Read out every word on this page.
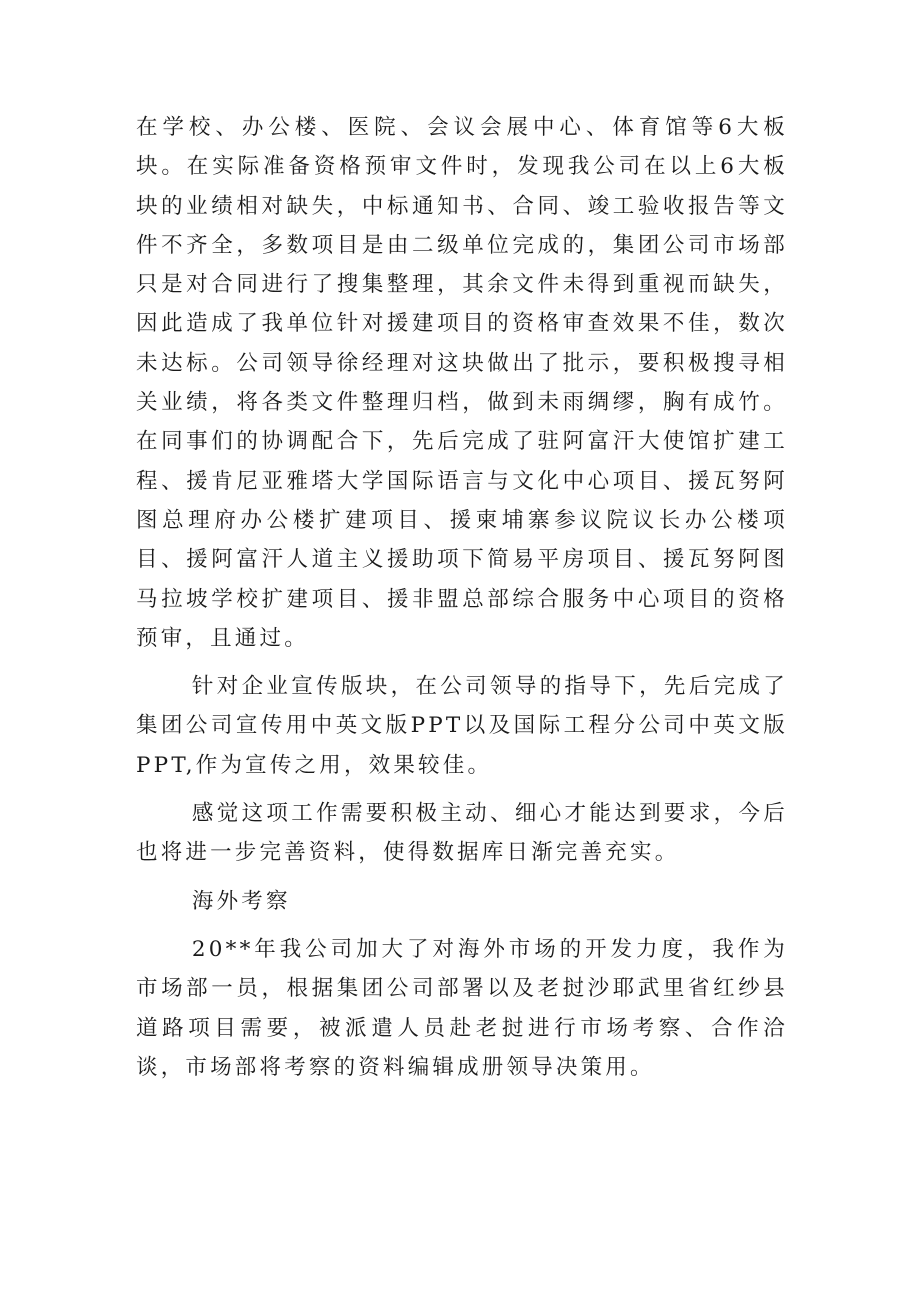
在学校、办公楼、医院、会议会展中心、体育馆等6大板块。在实际准备资格预审文件时，发现我公司在以上6大板块的业绩相对缺失，中标通知书、合同、竣工验收报告等文件不齐全，多数项目是由二级单位完成的，集团公司市场部只是对合同进行了搜集整理，其余文件未得到重视而缺失，因此造成了我单位针对援建项目的资格审查效果不佳，数次未达标。公司领导徐经理对这块做出了批示，要积极搜寻相关业绩，将各类文件整理归档，做到未雨绸缪，胸有成竹。在同事们的协调配合下，先后完成了驻阿富汗大使馆扩建工程、援肯尼亚雅塔大学国际语言与文化中心项目、援瓦努阿图总理府办公楼扩建项目、援柬埔寨参议院议长办公楼项目、援阿富汗人道主义援助项下简易平房项目、援瓦努阿图马拉坡学校扩建项目、援非盟总部综合服务中心项目的资格预审，且通过。

针对企业宣传版块，在公司领导的指导下，先后完成了集团公司宣传用中英文版PPT以及国际工程分公司中英文版PPT,作为宣传之用，效果较佳。

感觉这项工作需要积极主动、细心才能达到要求，今后也将进一步完善资料，使得数据库日渐完善充实。

海外考察

20**年我公司加大了对海外市场的开发力度，我作为市场部一员，根据集团公司部署以及老挝沙耶武里省红纱县道路项目需要，被派遣人员赴老挝进行市场考察、合作洽谈，市场部将考察的资料编辑成册领导决策用。
